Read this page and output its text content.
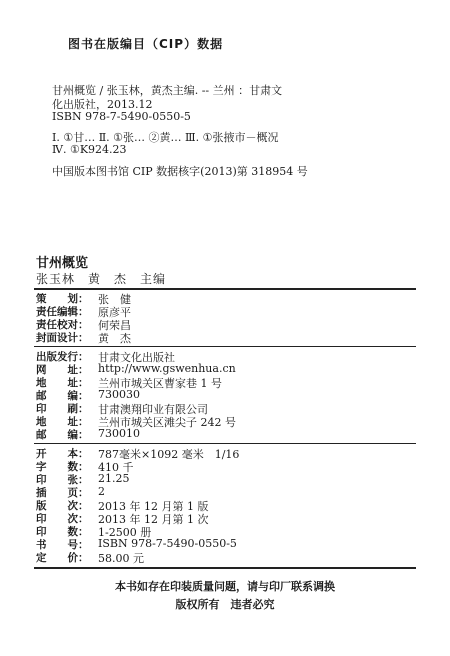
图书在版编目（CIP）数据
甘州概览 / 张玉林，黄杰主编. -- 兰州 ：甘肃文
化出版社，2013.12
ISBN 978-7-5490-0550-5
Ⅰ. ①甘… Ⅱ. ①张… ②黄… Ⅲ. ①张掖市－概况
Ⅳ. ①K924.23
中国版本图书馆 CIP 数据核字(2013)第 318954 号
甘州概览
张玉林　黄　杰　主编
策　　划： 张　健
责任编辑： 原彦平
责任校对： 何荣昌
封面设计： 黄　杰
出版发行： 甘肃文化出版社
网　　址： http://www.gswenhua.cn
地　　址： 兰州市城关区曹家巷 1 号
邮　　编： 730030
印　　刷： 甘肃澳翔印业有限公司
地　　址： 兰州市城关区滩尖子 242 号
邮　　编： 730010
开　　本： 787毫米×1092 毫米　1/16
字　　数： 410 千
印　　张： 21.25
插　　页： 2
版　　次： 2013 年 12 月第 1 版
印　　次： 2013 年 12 月第 1 次
印　　数： 1-2500 册
书　　号： ISBN 978-7-5490-0550-5
定　　价： 58.00 元
本书如存在印装质量问题，请与印厂联系调换
版权所有　违者必究
